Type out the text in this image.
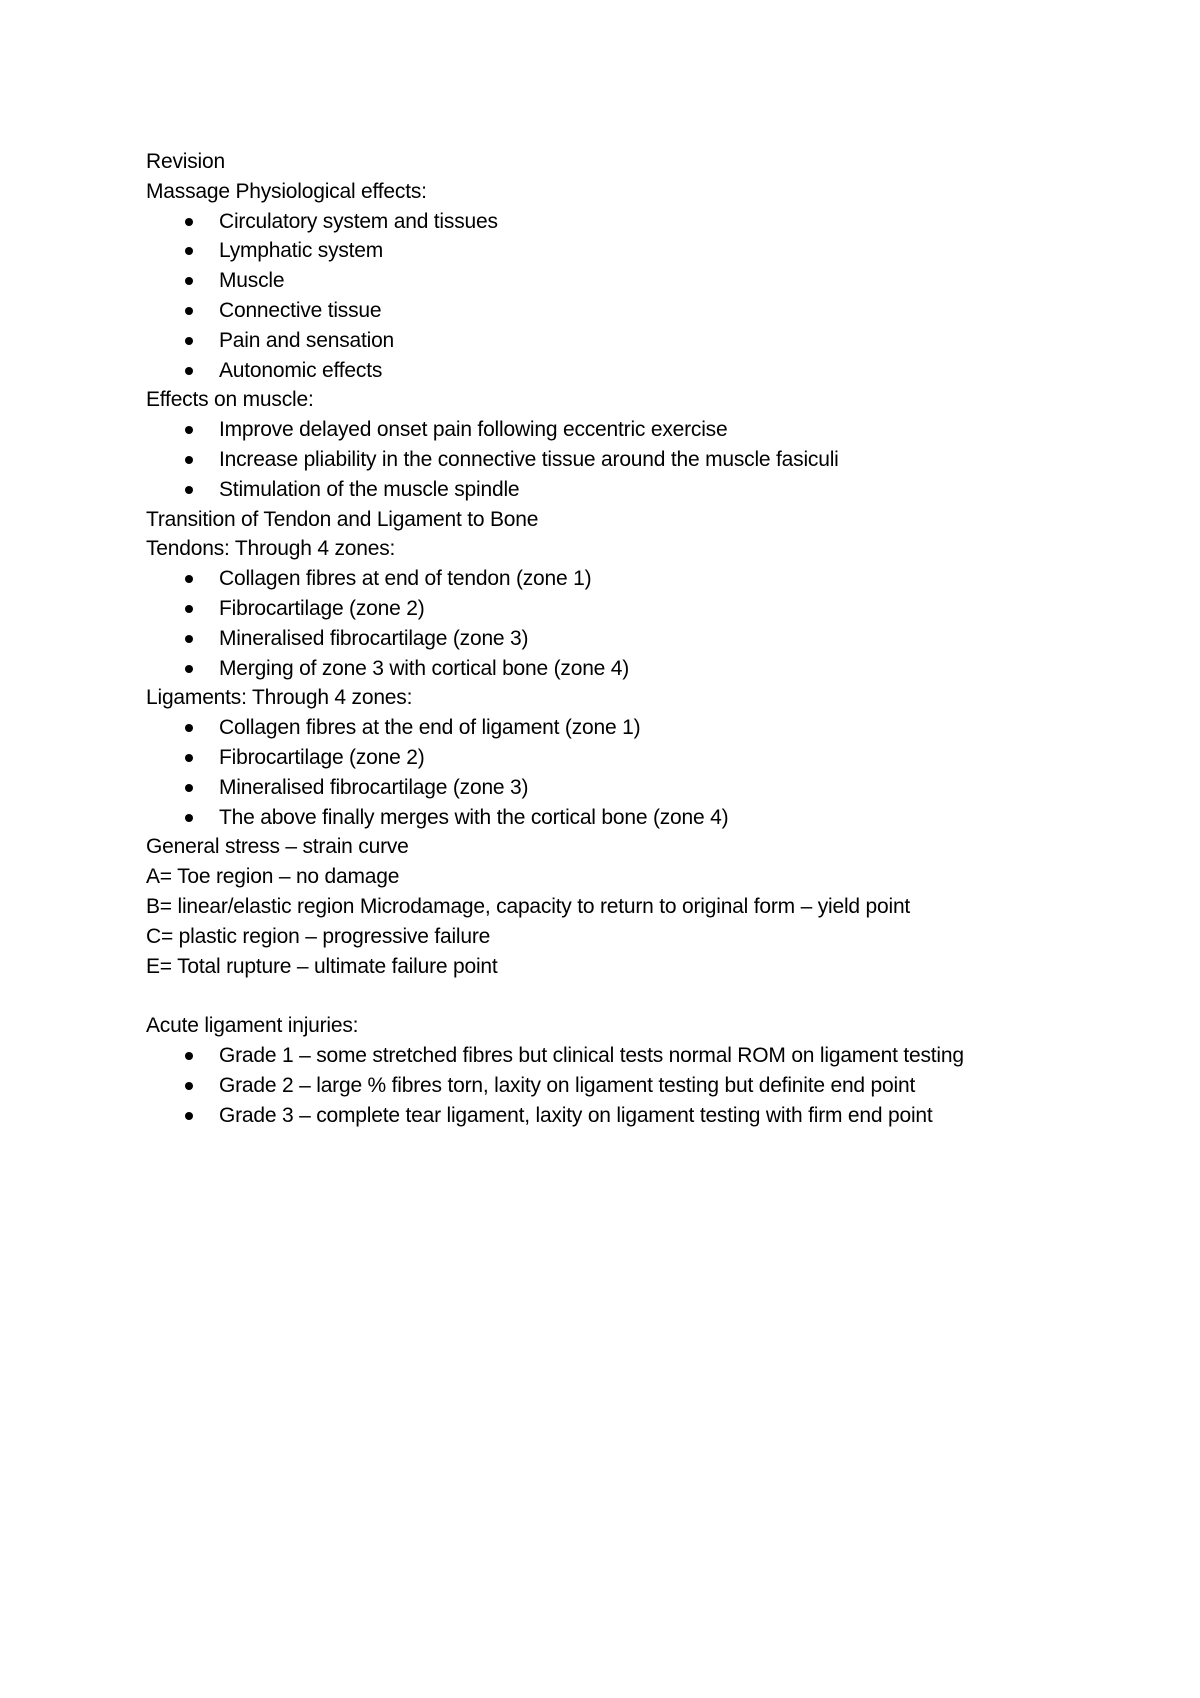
Revision
Massage Physiological effects:
Circulatory system and tissues
Lymphatic system
Muscle
Connective tissue
Pain and sensation
Autonomic effects
Effects on muscle:
Improve delayed onset pain following eccentric exercise
Increase pliability in the connective tissue around the muscle fasiculi
Stimulation of the muscle spindle
Transition of Tendon and Ligament to Bone
Tendons: Through 4 zones:
Collagen fibres at end of tendon (zone 1)
Fibrocartilage (zone 2)
Mineralised fibrocartilage (zone 3)
Merging of zone 3 with cortical bone (zone 4)
Ligaments: Through 4 zones:
Collagen fibres at the end of ligament (zone 1)
Fibrocartilage (zone 2)
Mineralised fibrocartilage (zone 3)
The above finally merges with the cortical bone (zone 4)
General stress – strain curve
A= Toe region – no damage
B= linear/elastic region Microdamage, capacity to return to original form – yield point
C= plastic region – progressive failure
E= Total rupture – ultimate failure point
Acute ligament injuries:
Grade 1 – some stretched fibres but clinical tests normal ROM on ligament testing
Grade 2 – large % fibres torn, laxity on ligament testing but definite end point
Grade 3 – complete tear ligament, laxity on ligament testing with firm end point
